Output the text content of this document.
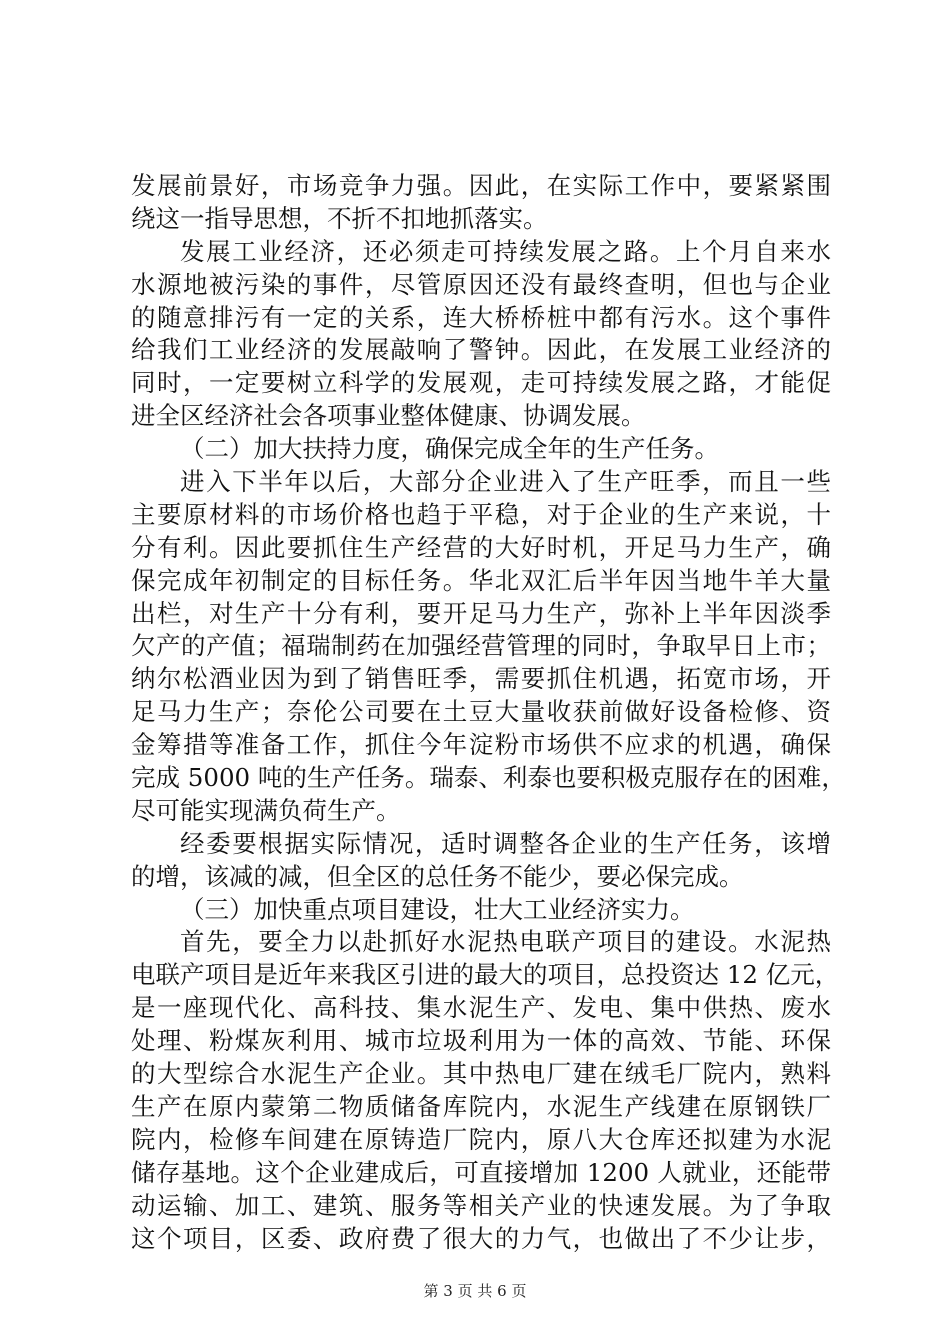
发展前景好，市场竞争力强。因此，在实际工作中，要紧紧围
绕这一指导思想，不折不扣地抓落实。
发展工业经济，还必须走可持续发展之路。上个月自来水
水源地被污染的事件，尽管原因还没有最终查明，但也与企业
的随意排污有一定的关系，连大桥桥桩中都有污水。这个事件
给我们工业经济的发展敲响了警钟。因此，在发展工业经济的
同时，一定要树立科学的发展观，走可持续发展之路，才能促
进全区经济社会各项事业整体健康、协调发展。
（二）加大扶持力度，确保完成全年的生产任务。
进入下半年以后，大部分企业进入了生产旺季，而且一些
主要原材料的市场价格也趋于平稳，对于企业的生产来说，十
分有利。因此要抓住生产经营的大好时机，开足马力生产，确
保完成年初制定的目标任务。华北双汇后半年因当地牛羊大量
出栏，对生产十分有利，要开足马力生产，弥补上半年因淡季
欠产的产值；福瑞制药在加强经营管理的同时，争取早日上市；
纳尔松酒业因为到了销售旺季，需要抓住机遇，拓宽市场，开
足马力生产；奈伦公司要在土豆大量收获前做好设备检修、资
金筹措等准备工作，抓住今年淀粉市场供不应求的机遇，确保
完成 5000 吨的生产任务。瑞泰、利泰也要积极克服存在的困难，
尽可能实现满负荷生产。
经委要根据实际情况，适时调整各企业的生产任务，该增
的增，该减的减，但全区的总任务不能少，要必保完成。
（三）加快重点项目建设，壮大工业经济实力。
首先，要全力以赴抓好水泥热电联产项目的建设。水泥热
电联产项目是近年来我区引进的最大的项目，总投资达 12 亿元，
是一座现代化、高科技、集水泥生产、发电、集中供热、废水
处理、粉煤灰利用、城市垃圾利用为一体的高效、节能、环保
的大型综合水泥生产企业。其中热电厂建在绒毛厂院内，熟料
生产在原内蒙第二物质储备库院内，水泥生产线建在原钢铁厂
院内，检修车间建在原铸造厂院内，原八大仓库还拟建为水泥
储存基地。这个企业建成后，可直接增加 1200 人就业，还能带
动运输、加工、建筑、服务等相关产业的快速发展。为了争取
这个项目，区委、政府费了很大的力气，也做出了不少让步，
第 3 页 共 6 页
